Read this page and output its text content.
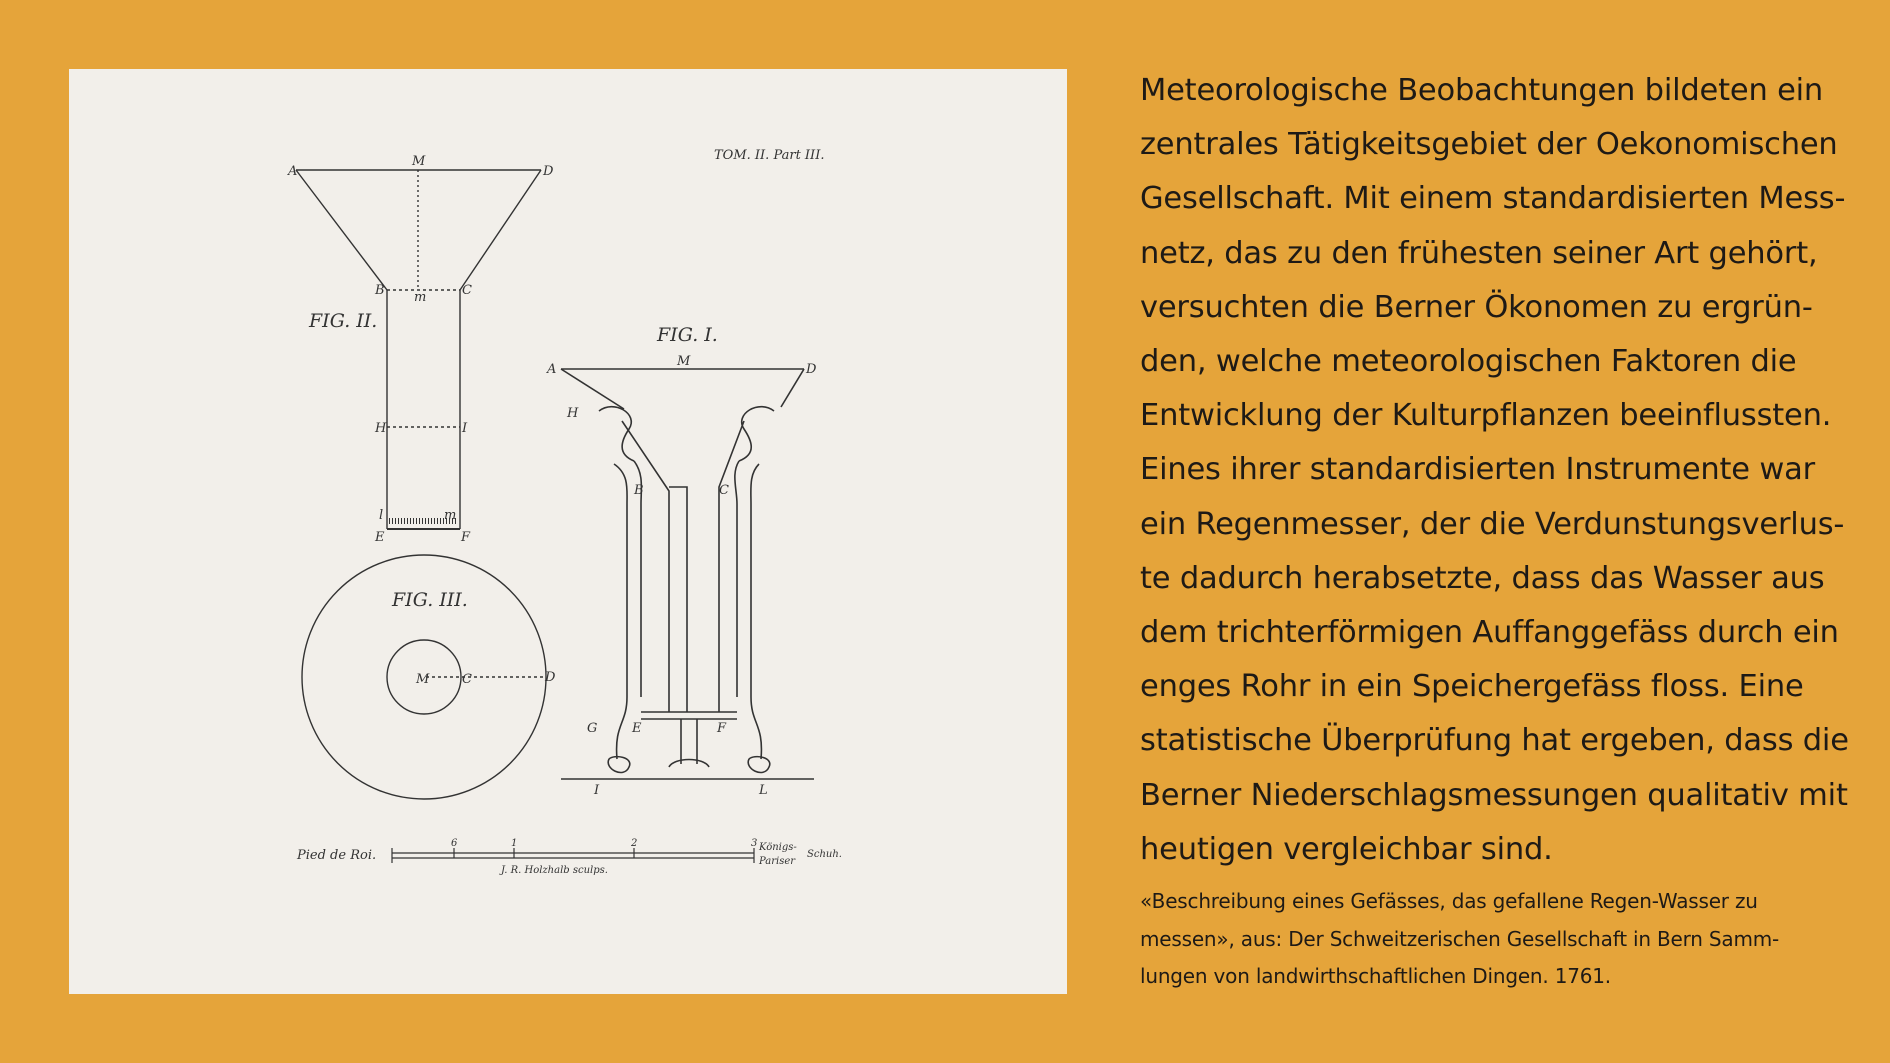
TOM. II. Part III.
A
M
D
B m	C
H	I
l	m
E	F
FIG. II.
A
M
D
H
B	C
G	E	F
I	L
FIG. I.
M	C	D
FIG. III.
6	1	2	3
Pied de Roi.
Königs-
Pariser
Schuh.
J. R. Holzhalb sculps.

Meteorologische Beobachtungen bildeten ein
zentrales Tätigkeitsgebiet der Oekonomischen
Gesellschaft. Mit einem standardisierten Mess-
netz, das zu den frühesten seiner Art gehört,
versuchten die Berner Ökonomen zu ergrün-
den, welche meteorologischen Faktoren die
Entwicklung der Kulturpflanzen beeinflussten.
Eines ihrer standardisierten Instrumente war
ein Regenmesser, der die Verdunstungsverlus-
te dadurch herabsetzte, dass das Wasser aus
dem trichterförmigen Auffanggefäss durch ein
enges Rohr in ein Speichergefäss floss. Eine
statistische Überprüfung hat ergeben, dass die
Berner Niederschlagsmessungen qualitativ mit
heutigen vergleichbar sind.

«Beschreibung eines Gefässes, das gefallene Regen-Wasser zu
messen», aus: Der Schweitzerischen Gesellschaft in Bern Samm-
lungen von landwirthschaftlichen Dingen. 1761.
